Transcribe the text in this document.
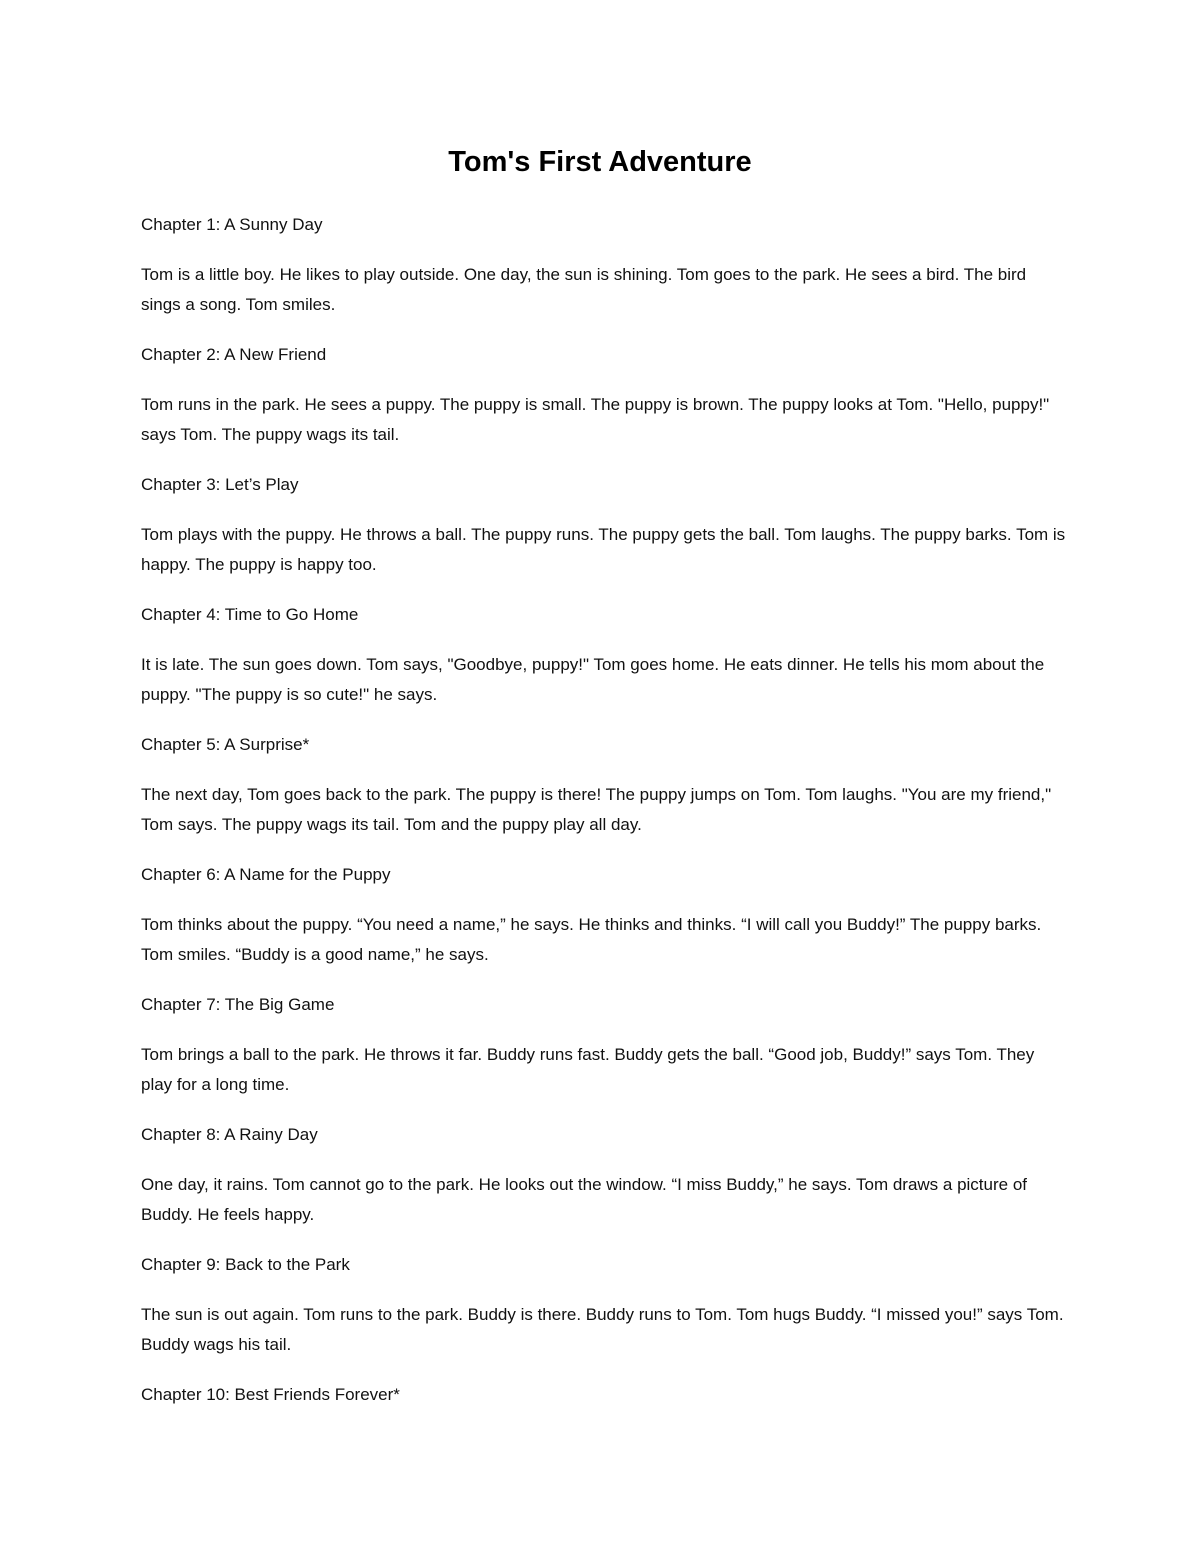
Tom's First Adventure
Chapter 1: A Sunny Day
Tom is a little boy. He likes to play outside. One day, the sun is shining. Tom goes to the park. He sees a bird. The bird sings a song. Tom smiles.
Chapter 2: A New Friend
Tom runs in the park. He sees a puppy. The puppy is small. The puppy is brown. The puppy looks at Tom. "Hello, puppy!" says Tom. The puppy wags its tail.
Chapter 3: Let’s Play
Tom plays with the puppy. He throws a ball. The puppy runs. The puppy gets the ball. Tom laughs. The puppy barks. Tom is happy. The puppy is happy too.
Chapter 4: Time to Go Home
It is late. The sun goes down. Tom says, "Goodbye, puppy!" Tom goes home. He eats dinner. He tells his mom about the puppy. "The puppy is so cute!" he says.
Chapter 5: A Surprise*
The next day, Tom goes back to the park. The puppy is there! The puppy jumps on Tom. Tom laughs. "You are my friend," Tom says. The puppy wags its tail. Tom and the puppy play all day.
Chapter 6: A Name for the Puppy
Tom thinks about the puppy. “You need a name,” he says. He thinks and thinks. “I will call you Buddy!” The puppy barks. Tom smiles. “Buddy is a good name,” he says.
Chapter 7: The Big Game
Tom brings a ball to the park. He throws it far. Buddy runs fast. Buddy gets the ball. “Good job, Buddy!” says Tom. They play for a long time.
Chapter 8: A Rainy Day
One day, it rains. Tom cannot go to the park. He looks out the window. “I miss Buddy,” he says. Tom draws a picture of Buddy. He feels happy.
Chapter 9: Back to the Park
The sun is out again. Tom runs to the park. Buddy is there. Buddy runs to Tom. Tom hugs Buddy. “I missed you!” says Tom. Buddy wags his tail.
Chapter 10: Best Friends Forever*
